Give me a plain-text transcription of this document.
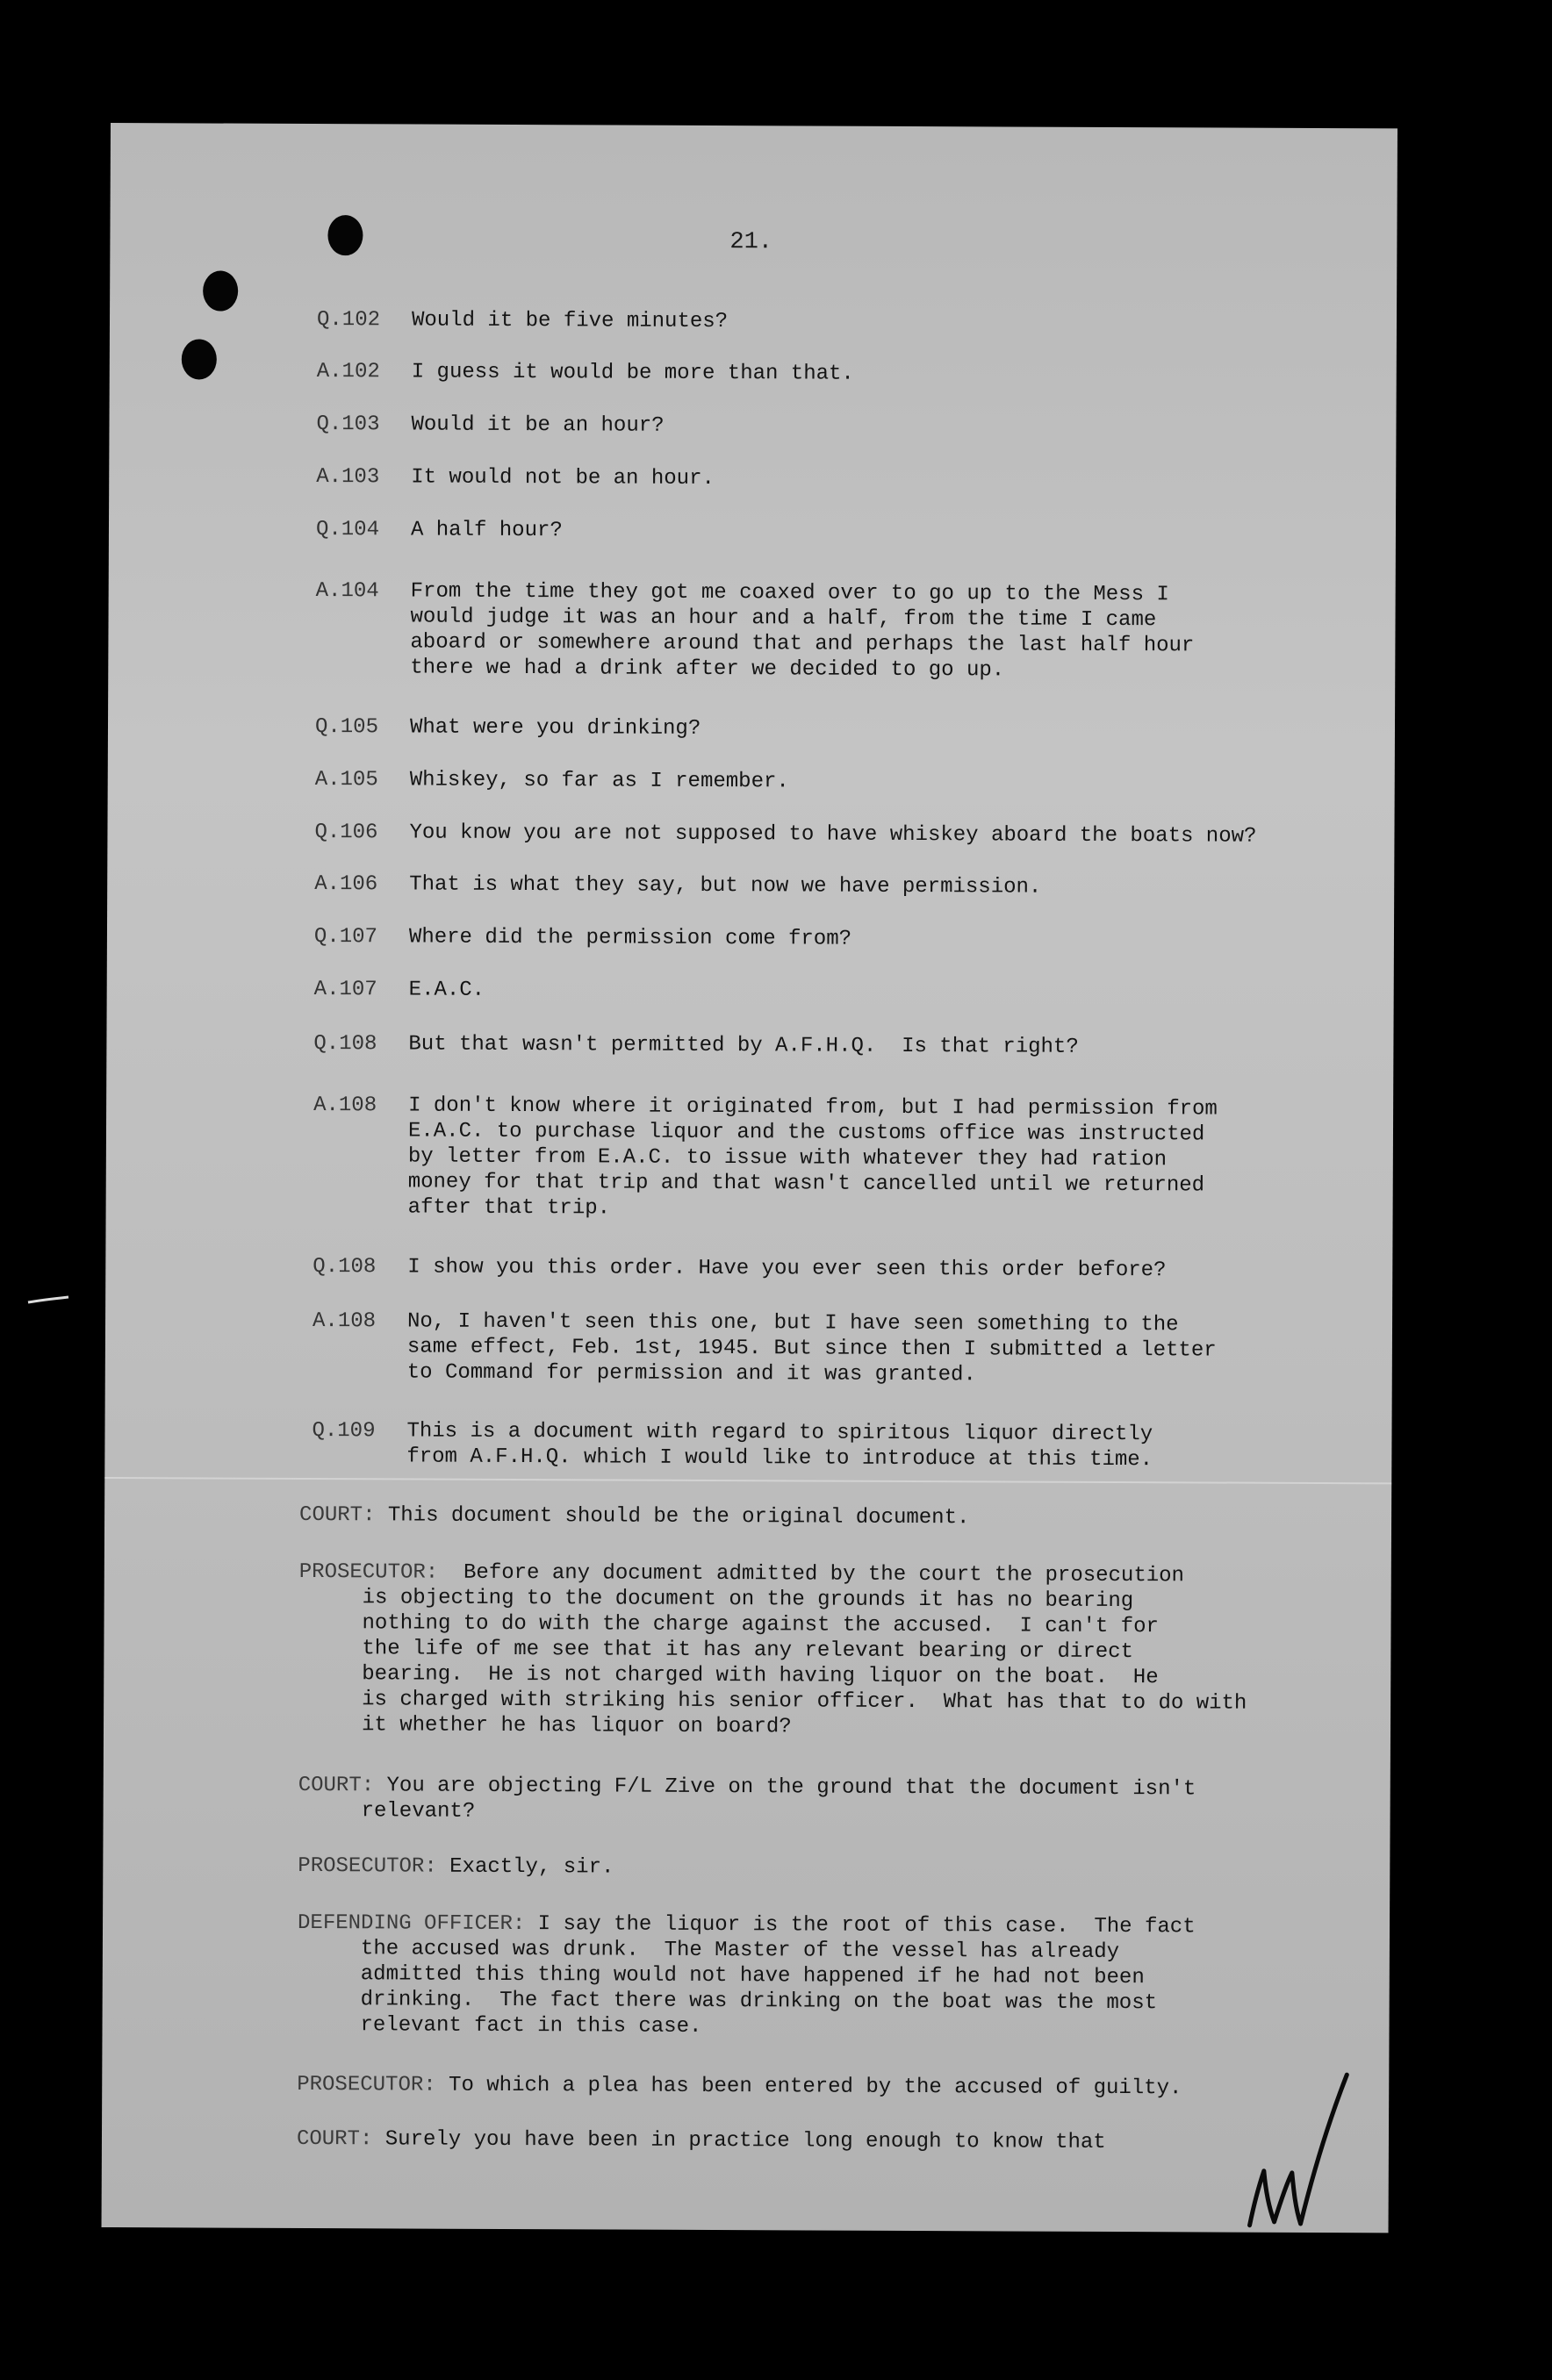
21.
Q.102 Would it be five minutes?
A.102 I guess it would be more than that.
Q.103 Would it be an hour?
A.103 It would not be an hour.
Q.104 A half hour?
A.104 From the time they got me coaxed over to go up to the Mess I
would judge it was an hour and a half, from the time I came
aboard or somewhere around that and perhaps the last half hour
there we had a drink after we decided to go up.
Q.105 What were you drinking?
A.105 Whiskey, so far as I remember.
Q.106 You know you are not supposed to have whiskey aboard the boats now?
A.106 That is what they say, but now we have permission.
Q.107 Where did the permission come from?
A.107 E.A.C.
Q.108 But that wasn't permitted by A.F.H.Q.  Is that right?
A.108 I don't know where it originated from, but I had permission from
E.A.C. to purchase liquor and the customs office was instructed
by letter from E.A.C. to issue with whatever they had ration
money for that trip and that wasn't cancelled until we returned
after that trip.
Q.108 I show you this order. Have you ever seen this order before?
A.108 No, I haven't seen this one, but I have seen something to the
same effect, Feb. 1st, 1945. But since then I submitted a letter
to Command for permission and it was granted.
Q.109 This is a document with regard to spiritous liquor directly
from A.F.H.Q. which I would like to introduce at this time.
COURT: This document should be the original document.
PROSECUTOR:  Before any document admitted by the court the prosecution
is objecting to the document on the grounds it has no bearing
nothing to do with the charge against the accused.  I can't for
the life of me see that it has any relevant bearing or direct
bearing.  He is not charged with having liquor on the boat.  He
is charged with striking his senior officer.  What has that to do with
it whether he has liquor on board?
COURT: You are objecting F/L Zive on the ground that the document isn't
relevant?
PROSECUTOR: Exactly, sir.
DEFENDING OFFICER: I say the liquor is the root of this case.  The fact
the accused was drunk.  The Master of the vessel has already
admitted this thing would not have happened if he had not been
drinking.  The fact there was drinking on the boat was the most
relevant fact in this case.
PROSECUTOR: To which a plea has been entered by the accused of guilty.
COURT: Surely you have been in practice long enough to know that
